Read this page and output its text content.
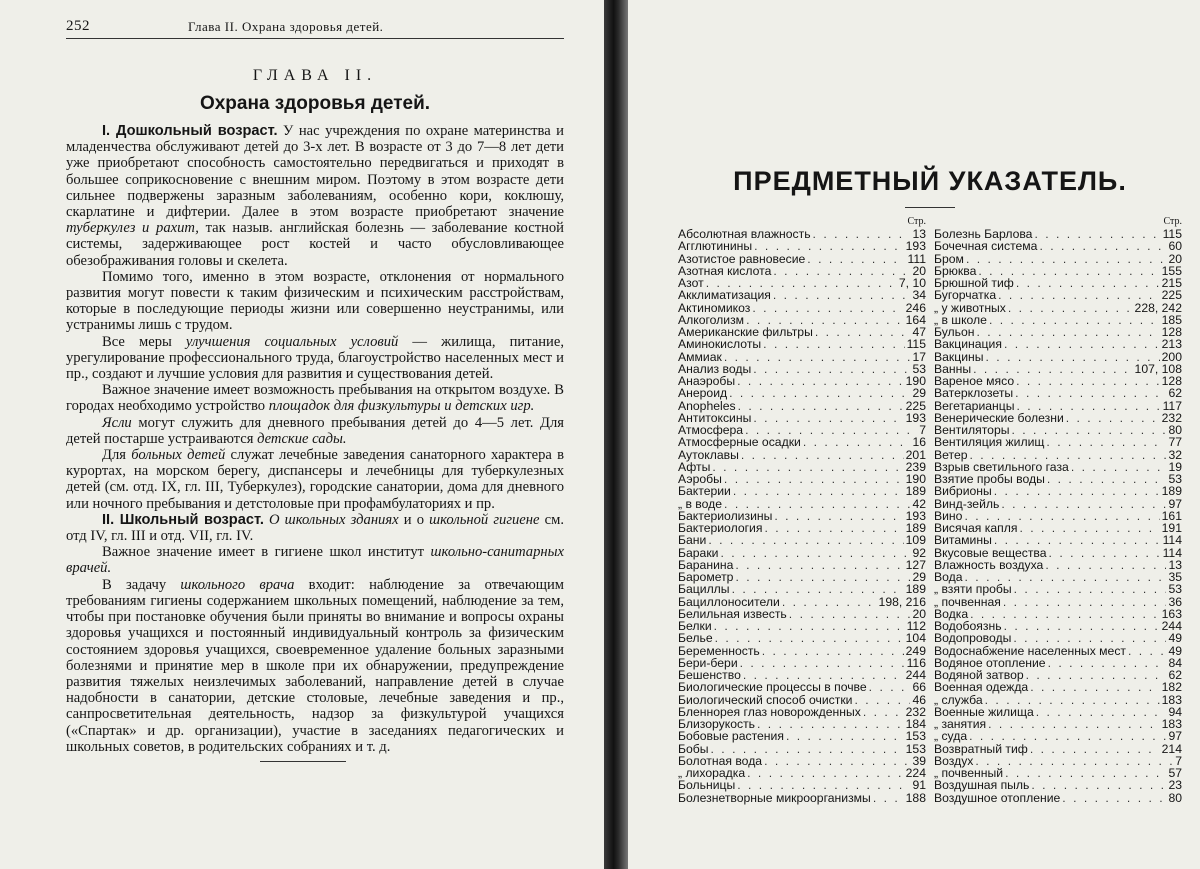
252	Глава II. Охрана здоровья детей.
ГЛАВА II.
Охрана здоровья детей.

I. Дошкольный возраст. У нас учреждения по охране материнства и младенчества обслуживают детей до 3-х лет. В возрасте от 3 до 7—8 лет дети уже приобретают способность самостоятельно передвигаться и приходят в большее соприкосновение с внешним миром. Поэтому в этом возрасте дети сильнее подвержены заразным заболеваниям, особенно кори, коклюшу, скарлатине и дифтерии. Далее в этом возрасте приобретают значение туберкулез и рахит, так назыв. английская болезнь — заболевание костной системы, задерживающее рост костей и часто обусловливающее обезображивания головы и скелета.

Помимо того, именно в этом возрасте, отклонения от нормального развития могут повести к таким физическим и психическим расстройствам, которые в последующие периоды жизни или совершенно неустранимы, или устранимы лишь с трудом.

Все меры улучшения социальных условий — жилища, питание, урегулирование профессионального труда, благоустройство населенных мест и пр., создают и лучшие условия для развития и существования детей.

Важное значение имеет возможность пребывания на открытом воздухе. В городах необходимо устройство площадок для физкультуры и детских игр.

Ясли могут служить для дневного пребывания детей до 4—5 лет. Для детей постарше устраиваются детские сады.

Для больных детей служат лечебные заведения санаторного характера в курортах, на морском берегу, диспансеры и лечебницы для туберкулезных детей (см. отд. IX, гл. III, Туберкулез), городские санатории, дома для дневного или ночного пребывания и детстоловые при профамбулаториях и пр.

II. Школьный возраст. О школьных зданиях и о школьной гигиене см. отд IV, гл. III и отд. VII, гл. IV.

Важное значение имеет в гигиене школ институт школьно-санитарных врачей.

В задачу школьного врача входит: наблюдение за отвечающим требованиям гигиены содержанием школьных помещений, наблюдение за тем, чтобы при постановке обучения были приняты во внимание и вопросы охраны здоровья учащихся и постоянный индивидуальный контроль за физическим состоянием здоровья учащихся, своевременное удаление больных заразными болезнями и принятие мер в школе при их обнаружении, предупреждение развития тяжелых неизлечимых заболеваний, направление детей в случае надобности в санатории, детские столовые, лечебные заведения и пр., санпросветительная деятельность, надзор за физкультурой учащихся («Спартак» и др. организации), участие в заседаниях педагогических и школьных советов, в родительских собраниях и т. д.

ПРЕДМЕТНЫЙ УКАЗАТЕЛЬ.
Стр.
Абсолютная влажность . . .	13
Агглютинины . . .	193
Азотистое равновесие . . .	111
Азотная кислота . . .	20
Азот . . .	7, 10
Акклиматизация . . .	34
Актиномикоз . . .	246
Алкоголизм . . .	164
Американские фильтры . . .	47
Аминокислоты . . .	115
Аммиак . . .	17
Анализ воды . . .	53
Анаэробы . . .	190
Анероид . . .	29
Anopheles . . .	225
Антитоксины . . .	193
Атмосфера . . .	7
Атмосферные осадки . . .	16
Аутоклавы . . .	201
Афты . . .	239
Аэробы . . .	190
Бактерии . . .	189
„ в воде . . .	42
Бактериолизины . . .	193
Бактериология . . .	189
Бани . . .	109
Бараки . . .	92
Баранина . . .	127
Барометр . . .	29
Бациллы . . .	189
Бациллоносители . . .	198, 216
Белильная известь . . .	20
Белки . . .	112
Белье . . .	104
Беременность . . .	249
Бери-бери . . .	116
Бешенство . . .	244
Биологические процессы в почве . . .	66
Биологический способ очистки . . .	46
Бленнорея глаз новорожденных . . .	232
Близорукость . . .	184
Бобовые растения . . .	153
Бобы . . .	153
Болотная вода . . .	39
„ лихорадка . . .	224
Больницы . . .	91
Болезнетворные микроорганизмы . . .	188
Стр.
Болезнь Барлова . . .	115
Бочечная система . . .	60
Бром . . .	20
Брюква . . .	155
Брюшной тиф . . .	215
Бугорчатка . . .	225
„ у животных . . .	228, 242
„ в школе . . .	185
Бульон . . .	128
Вакцинация . . .	213
Вакцины . . .	200
Ванны . . .	107, 108
Вареное мясо . . .	128
Ватерклозеты . . .	62
Вегетарианцы . . .	117
Венерические болезни . . .	232
Вентиляторы . . .	80
Вентиляция жилищ . . .	77
Ветер . . .	32
Взрыв светильного газа . . .	19
Взятие пробы воды . . .	53
Вибрионы . . .	189
Винд-зейль . . .	97
Вино . . .	161
Висячая капля . . .	191
Витамины . . .	114
Вкусовые вещества . . .	114
Влажность воздуха . . .	13
Вода . . .	35
„ взяти пробы . . .	53
„ почвенная . . .	36
Водка . . .	163
Водобоязнь . . .	244
Водопроводы . . .	49
Водоснабжение населенных мест . . .	49
Водяное отопление . . .	84
Водяной затвор . . .	62
Военная одежда . . .	182
„ служба . . .	183
Военные жилища . . .	94
„ занятия . . .	183
„ суда . . .	97
Возвратный тиф . . .	214
Воздух . . .	7
„ почвенный . . .	57
Воздушная пыль . . .	23
Воздушное отопление . . .	80
